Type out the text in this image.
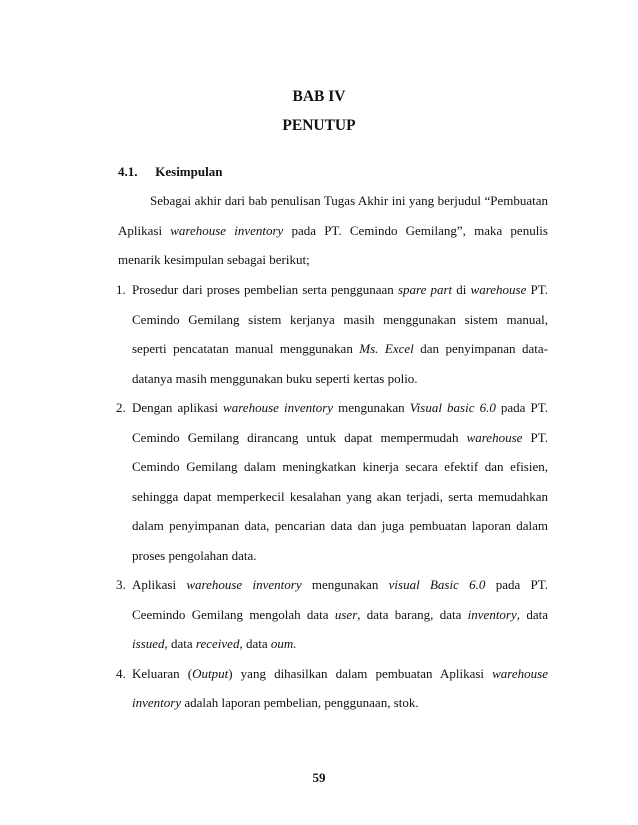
BAB IV
PENUTUP
4.1. Kesimpulan

Sebagai akhir dari bab penulisan Tugas Akhir ini yang berjudul “Pembuatan Aplikasi warehouse inventory pada PT. Cemindo Gemilang”, maka penulis menarik kesimpulan sebagai berikut;

1. Prosedur dari proses pembelian serta penggunaan spare part di warehouse PT. Cemindo Gemilang sistem kerjanya masih menggunakan sistem manual, seperti pencatatan manual menggunakan Ms. Excel dan penyimpanan data-datanya masih menggunakan buku seperti kertas polio.
2. Dengan aplikasi warehouse inventory mengunakan Visual basic 6.0 pada PT. Cemindo Gemilang dirancang untuk dapat mempermudah warehouse PT. Cemindo Gemilang dalam meningkatkan kinerja secara efektif dan efisien, sehingga dapat memperkecil kesalahan yang akan terjadi, serta memudahkan dalam penyimpanan data, pencarian data dan juga pembuatan laporan dalam proses pengolahan data.
3. Aplikasi warehouse inventory mengunakan visual Basic 6.0 pada PT. Ceemindo Gemilang mengolah data user, data barang, data inventory, data issued, data received, data oum.
4. Keluaran (Output) yang dihasilkan dalam pembuatan Aplikasi warehouse inventory adalah laporan pembelian, penggunaan, stok.
59
